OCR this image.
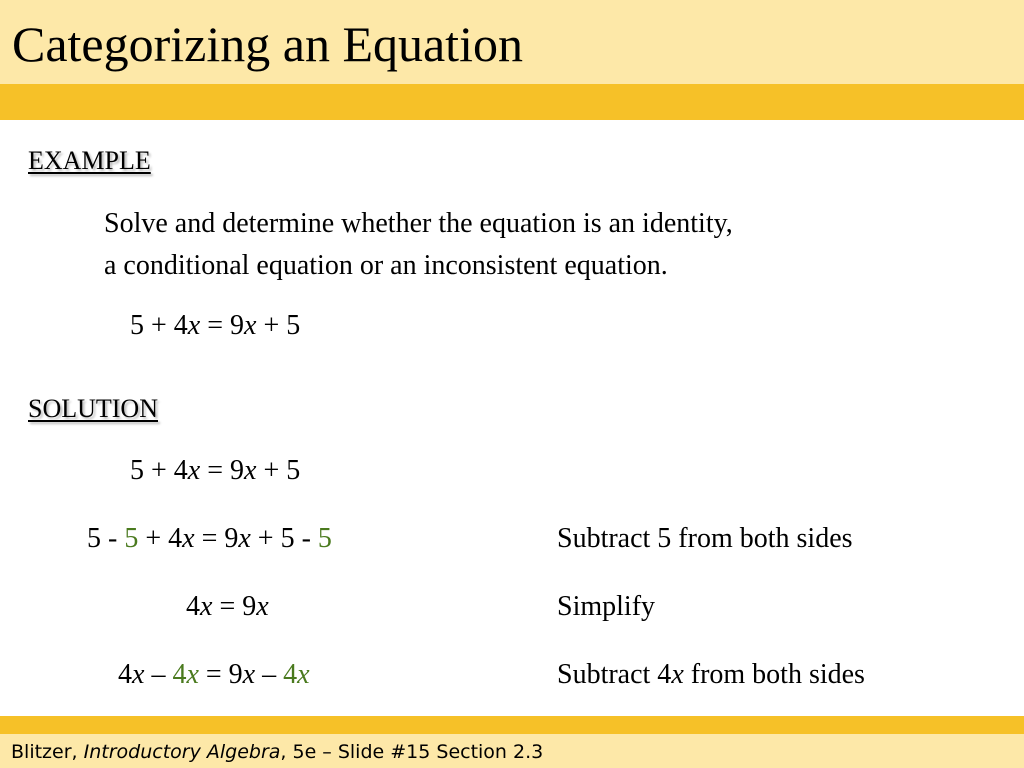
Categorizing an Equation
EXAMPLE
Solve and determine whether the equation is an identity,
a conditional equation or an inconsistent equation.
5 + 4x = 9x + 5
SOLUTION
5 + 4x = 9x + 5
5 - 5 + 4x = 9x + 5 - 5	Subtract 5 from both sides
4x = 9x	Simplify
4x – 4x = 9x – 4x	Subtract 4x from both sides
Blitzer, Introductory Algebra, 5e – Slide #15 Section 2.3
